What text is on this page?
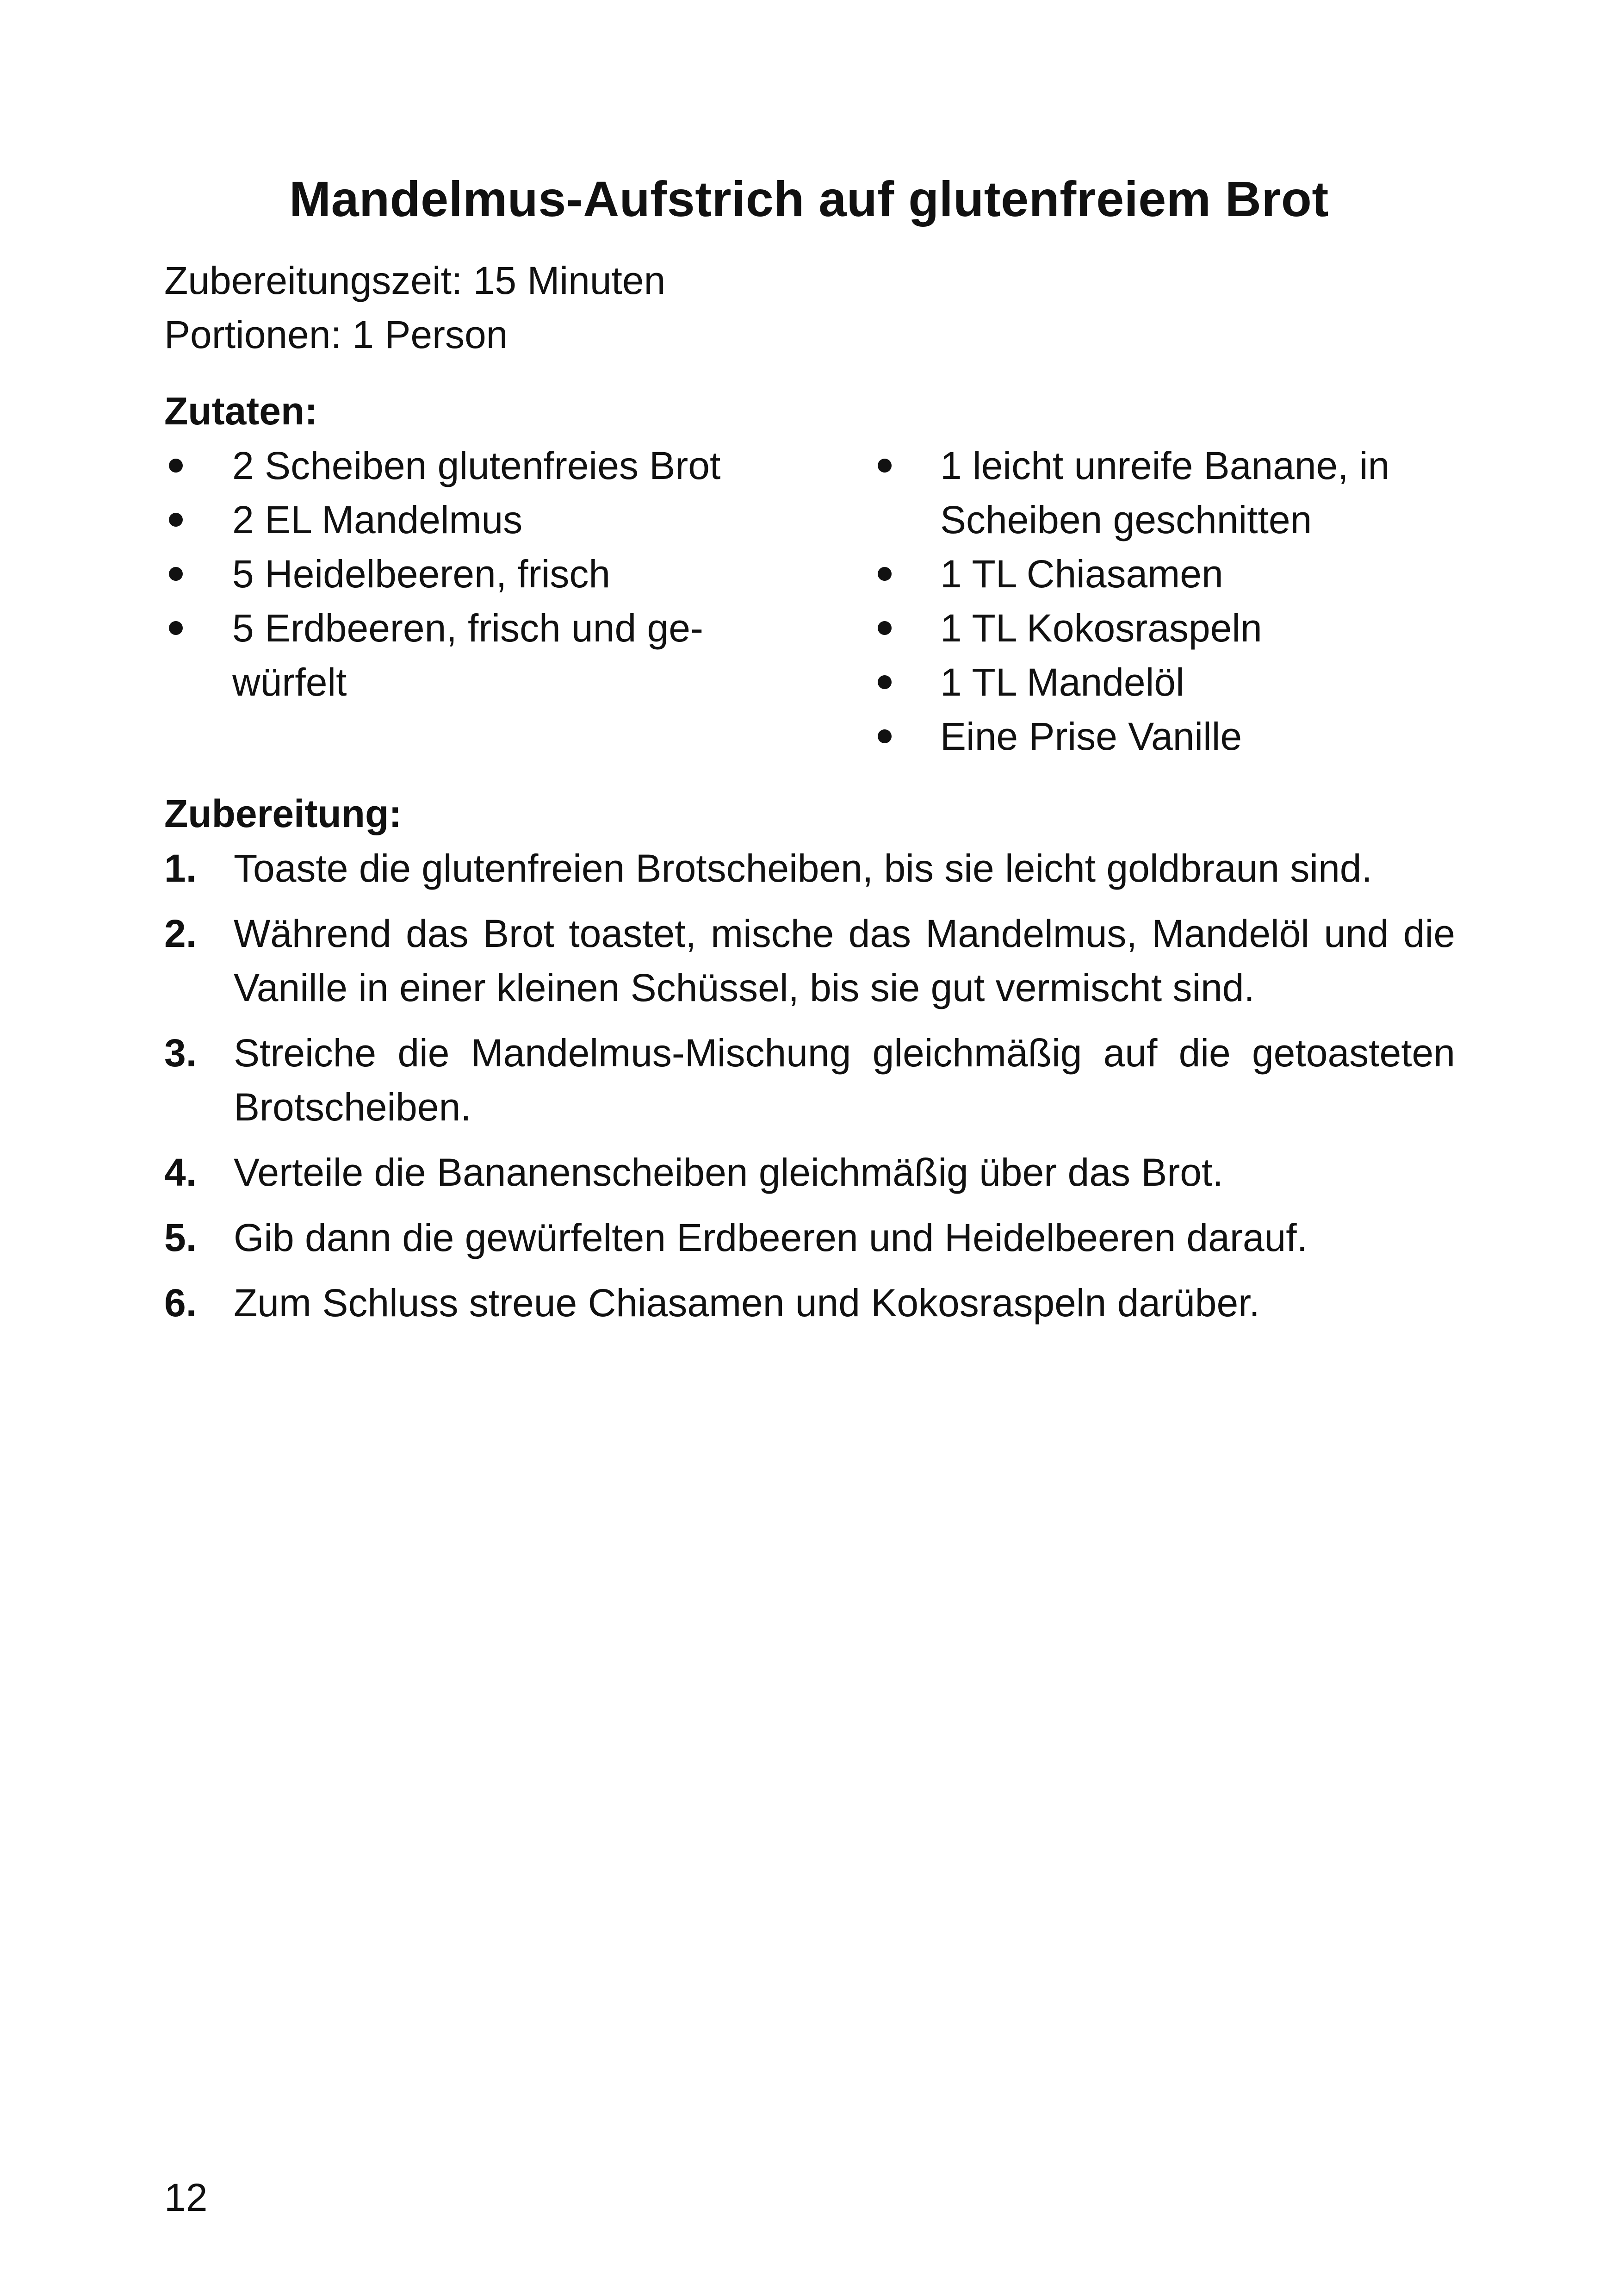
Mandelmus-Aufstrich auf glutenfreiem Brot
Zubereitungszeit: 15 Minuten
Portionen: 1 Person
Zutaten:
2 Scheiben glutenfreies Brot
2 EL Mandelmus
5 Heidelbeeren, frisch
5 Erdbeeren, frisch und ge-würfelt
1 leicht unreife Banane, in Scheiben geschnitten
1 TL Chiasamen
1 TL Kokosraspeln
1 TL Mandelöl
Eine Prise Vanille
Zubereitung:
1. Toaste die glutenfreien Brotscheiben, bis sie leicht goldbraun sind.
2. Während das Brot toastet, mische das Mandelmus, Mandelöl und die Vanille in einer kleinen Schüssel, bis sie gut vermischt sind.
3. Streiche die Mandelmus-Mischung gleichmäßig auf die getoasteten Brotscheiben.
4. Verteile die Bananenscheiben gleichmäßig über das Brot.
5. Gib dann die gewürfelten Erdbeeren und Heidelbeeren darauf.
6. Zum Schluss streue Chiasamen und Kokosraspeln darüber.
12
